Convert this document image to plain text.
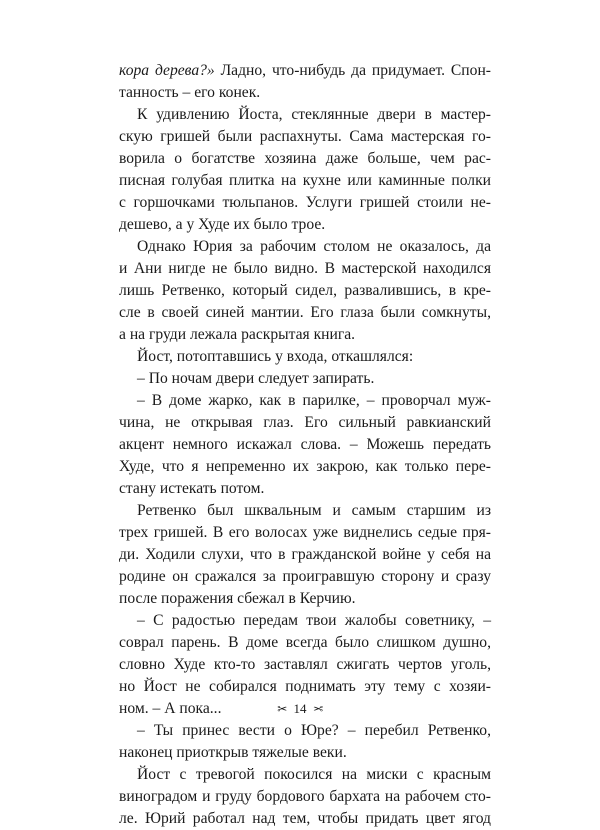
кора дерева?» Ладно, что-нибудь да придумает. Спон-
танность – его конек.
К удивлению Йоста, стеклянные двери в мастер-
скую гришей были распахнуты. Сама мастерская го-
ворила о богатстве хозяина даже больше, чем рас-
писная голубая плитка на кухне или каминные полки
с горшочками тюльпанов. Услуги гришей стоили не-
дешево, а у Худе их было трое.
Однако Юрия за рабочим столом не оказалось, да
и Ани нигде не было видно. В мастерской находился
лишь Ретвенко, который сидел, развалившись, в кре-
сле в своей синей мантии. Его глаза были сомкнуты,
а на груди лежала раскрытая книга.
Йост, потоптавшись у входа, откашлялся:
– По ночам двери следует запирать.
– В доме жарко, как в парилке, – проворчал муж-
чина, не открывая глаз. Его сильный равкианский
акцент немного искажал слова. – Можешь передать
Худе, что я непременно их закрою, как только пере-
стану истекать потом.
Ретвенко был шквальным и самым старшим из
трех гришей. В его волосах уже виднелись седые пря-
ди. Ходили слухи, что в гражданской войне у себя на
родине он сражался за проигравшую сторону и сразу
после поражения сбежал в Керчию.
– С радостью передам твои жалобы советнику, –
соврал парень. В доме всегда было слишком душно,
словно Худе кто-то заставлял сжигать чертов уголь,
но Йост не собирался поднимать эту тему с хозяи-
ном. – А пока...
– Ты принес вести о Юре? – перебил Ретвенко,
наконец приоткрыв тяжелые веки.
Йост с тревогой покосился на миски с красным
виноградом и груду бордового бархата на рабочем сто-
ле. Юрий работал над тем, чтобы придать цвет ягод
✂ 14 ✂
